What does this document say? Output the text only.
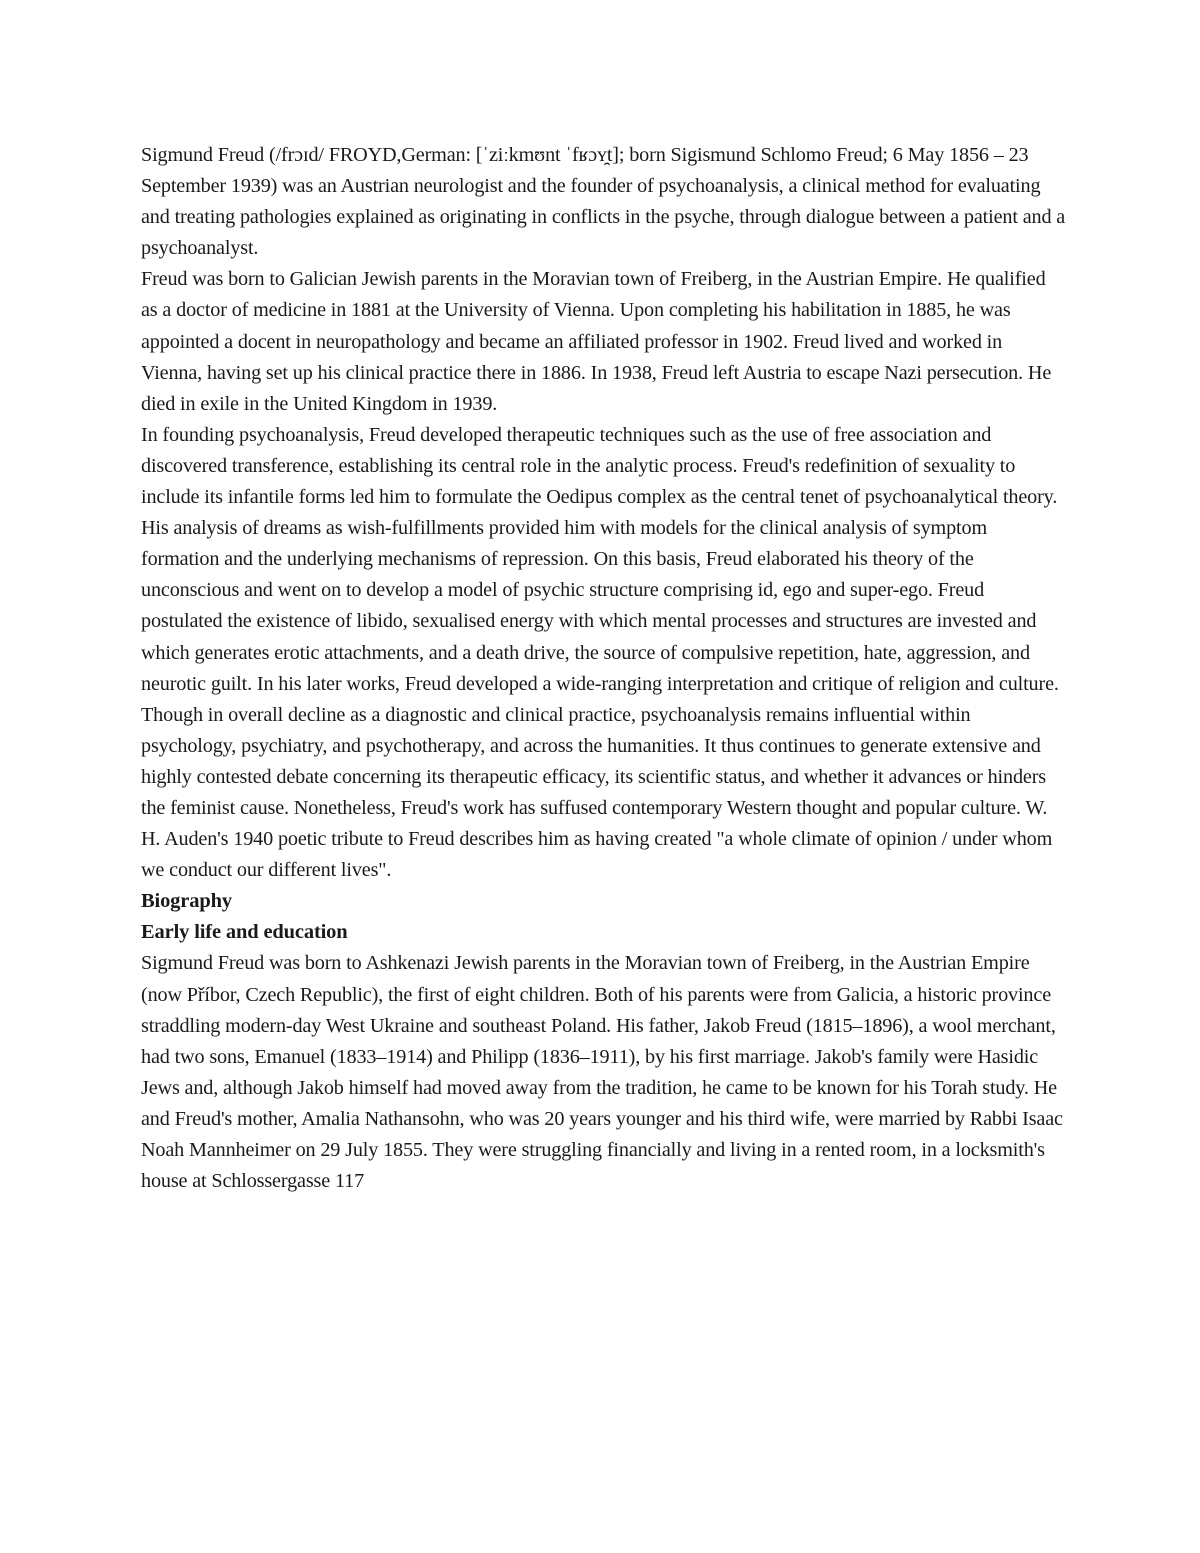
Sigmund Freud (/frɔɪd/ FROYD,German: [ˈziːkmʊnt ˈfʁɔʏ̯t]; born Sigismund Schlomo Freud; 6 May 1856 – 23 September 1939) was an Austrian neurologist and the founder of psychoanalysis, a clinical method for evaluating and treating pathologies explained as originating in conflicts in the psyche, through dialogue between a patient and a psychoanalyst.

Freud was born to Galician Jewish parents in the Moravian town of Freiberg, in the Austrian Empire. He qualified as a doctor of medicine in 1881 at the University of Vienna. Upon completing his habilitation in 1885, he was appointed a docent in neuropathology and became an affiliated professor in 1902. Freud lived and worked in Vienna, having set up his clinical practice there in 1886. In 1938, Freud left Austria to escape Nazi persecution. He died in exile in the United Kingdom in 1939.

In founding psychoanalysis, Freud developed therapeutic techniques such as the use of free association and discovered transference, establishing its central role in the analytic process. Freud's redefinition of sexuality to include its infantile forms led him to formulate the Oedipus complex as the central tenet of psychoanalytical theory. His analysis of dreams as wish-fulfillments provided him with models for the clinical analysis of symptom formation and the underlying mechanisms of repression. On this basis, Freud elaborated his theory of the unconscious and went on to develop a model of psychic structure comprising id, ego and super-ego. Freud postulated the existence of libido, sexualised energy with which mental processes and structures are invested and which generates erotic attachments, and a death drive, the source of compulsive repetition, hate, aggression, and neurotic guilt. In his later works, Freud developed a wide-ranging interpretation and critique of religion and culture.

Though in overall decline as a diagnostic and clinical practice, psychoanalysis remains influential within psychology, psychiatry, and psychotherapy, and across the humanities. It thus continues to generate extensive and highly contested debate concerning its therapeutic efficacy, its scientific status, and whether it advances or hinders the feminist cause. Nonetheless, Freud's work has suffused contemporary Western thought and popular culture. W. H. Auden's 1940 poetic tribute to Freud describes him as having created "a whole climate of opinion / under whom we conduct our different lives".

Biography
Early life and education

Sigmund Freud was born to Ashkenazi Jewish parents in the Moravian town of Freiberg, in the Austrian Empire (now Příbor, Czech Republic), the first of eight children. Both of his parents were from Galicia, a historic province straddling modern-day West Ukraine and southeast Poland. His father, Jakob Freud (1815–1896), a wool merchant, had two sons, Emanuel (1833–1914) and Philipp (1836–1911), by his first marriage. Jakob's family were Hasidic Jews and, although Jakob himself had moved away from the tradition, he came to be known for his Torah study. He and Freud's mother, Amalia Nathansohn, who was 20 years younger and his third wife, were married by Rabbi Isaac Noah Mannheimer on 29 July 1855. They were struggling financially and living in a rented room, in a locksmith's house at Schlossergasse 117
